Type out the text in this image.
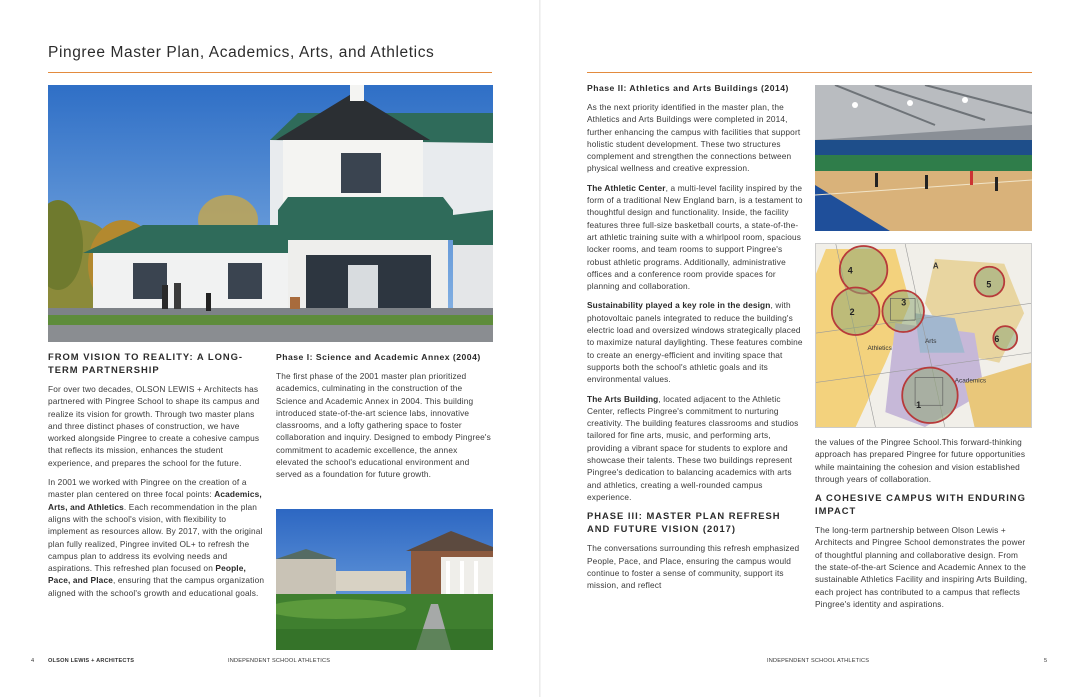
Pingree Master Plan, Academics, Arts, and Athletics
FROM VISION TO REALITY: A LONG-TERM PARTNERSHIP

For over two decades, OLSON LEWIS + Architects has partnered with Pingree School to shape its campus and realize its vision for growth. Through two master plans and three distinct phases of construction, we have worked alongside Pingree to create a cohesive campus that reflects its mission, enhances the student experience, and prepares the school for the future.

In 2001 we worked with Pingree on the creation of a master plan centered on three focal points: Academics, Arts, and Athletics. Each recommendation in the plan aligns with the school's vision, with flexibility to implement as resources allow. By 2017, with the original plan fully realized, Pingree invited OL+ to refresh the campus plan to address its evolving needs and aspirations. This refreshed plan focused on People, Pace, and Place, ensuring that the campus organization aligned with the school's growth and educational goals.

Phase I: Science and Academic Annex (2004)

The first phase of the 2001 master plan prioritized academics, culminating in the construction of the Science and Academic Annex in 2004. This building introduced state-of-the-art science labs, innovative classrooms, and a lofty gathering space to foster collaboration and inquiry. Designed to embody Pingree's commitment to academic excellence, the annex elevated the school's educational environment and served as a foundation for future growth.

Phase II: Athletics and Arts Buildings (2014)

As the next priority identified in the master plan, the Athletics and Arts Buildings were completed in 2014, further enhancing the campus with facilities that support holistic student development. These two structures complement and strengthen the connections between physical wellness and creative expression.

The Athletic Center, a multi-level facility inspired by the form of a traditional New England barn, is a testament to thoughtful design and functionality. Inside, the facility features three full-size basketball courts, a state-of-the-art athletic training suite with a whirlpool room, spacious locker rooms, and team rooms to support Pingree's robust athletic programs. Additionally, administrative offices and a conference room provide spaces for planning and collaboration.

Sustainability played a key role in the design, with photovoltaic panels integrated to reduce the building's electric load and oversized windows strategically placed to maximize natural daylighting. These features combine to create an energy-efficient and inviting space that supports both the school's athletic goals and its environmental values.

The Arts Building, located adjacent to the Athletic Center, reflects Pingree's commitment to nurturing creativity. The building features classrooms and studios tailored for fine arts, music, and performing arts, providing a vibrant space for students to explore and showcase their talents. These two buildings represent Pingree's dedication to balancing academics with arts and athletics, creating a well-rounded campus experience.

PHASE III: MASTER PLAN REFRESH AND FUTURE VISION (2017)

The conversations surrounding this refresh emphasized People, Pace, and Place, ensuring the campus would continue to foster a sense of community, support its mission, and reflect

1
2
3
4
5
6
Athletics
Arts
Academics
A

the values of the Pingree School.This forward-thinking approach has prepared Pingree for future opportunities while maintaining the cohesion and vision established through years of collaboration.

A COHESIVE CAMPUS WITH ENDURING IMPACT

The long-term partnership between Olson Lewis + Architects and Pingree School demonstrates the power of thoughtful planning and collaborative design. From the state-of-the-art Science and Academic Annex to the sustainable Athletics Facility and inspiring Arts Building, each project has contributed to a campus that reflects Pingree's identity and aspirations.

4 OLSON LEWIS + ARCHITECTS	INDEPENDENT SCHOOL ATHLETICS	INDEPENDENT SCHOOL ATHLETICS	5
